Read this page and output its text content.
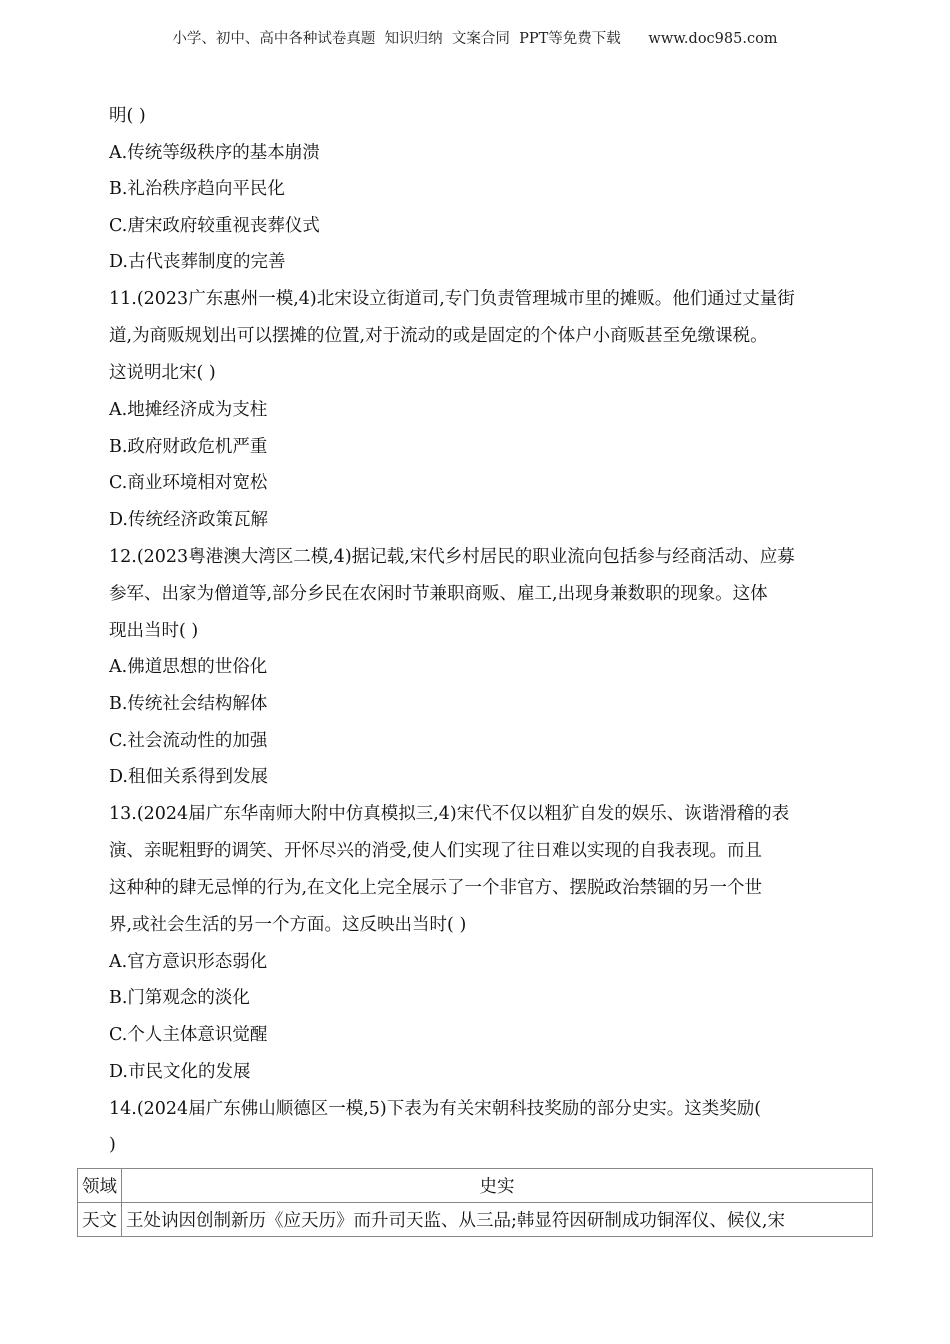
小学、初中、高中各种试卷真题  知识归纳  文案合同  PPT等免费下载      www.doc985.com
明( )
A.传统等级秩序的基本崩溃
B.礼治秩序趋向平民化
C.唐宋政府较重视丧葬仪式
D.古代丧葬制度的完善
11.(2023广东惠州一模,4)北宋设立街道司,专门负责管理城市里的摊贩。他们通过丈量街
道,为商贩规划出可以摆摊的位置,对于流动的或是固定的个体户小商贩甚至免缴课税。
这说明北宋( )
A.地摊经济成为支柱
B.政府财政危机严重
C.商业环境相对宽松
D.传统经济政策瓦解
12.(2023粤港澳大湾区二模,4)据记载,宋代乡村居民的职业流向包括参与经商活动、应募
参军、出家为僧道等,部分乡民在农闲时节兼职商贩、雇工,出现身兼数职的现象。这体
现出当时( )
A.佛道思想的世俗化
B.传统社会结构解体
C.社会流动性的加强
D.租佃关系得到发展
13.(2024届广东华南师大附中仿真模拟三,4)宋代不仅以粗犷自发的娱乐、诙谐滑稽的表
演、亲昵粗野的调笑、开怀尽兴的消受,使人们实现了往日难以实现的自我表现。而且
这种种的肆无忌惮的行为,在文化上完全展示了一个非官方、摆脱政治禁锢的另一个世
界,或社会生活的另一个方面。这反映出当时( )
A.官方意识形态弱化
B.门第观念的淡化
C.个人主体意识觉醒
D.市民文化的发展
14.(2024届广东佛山顺德区一模,5)下表为有关宋朝科技奖励的部分史实。这类奖励(
)
领域	史实
天文	王处讷因创制新历《应天历》而升司天监、从三品;韩显符因研制成功铜浑仪、候仪,宋
